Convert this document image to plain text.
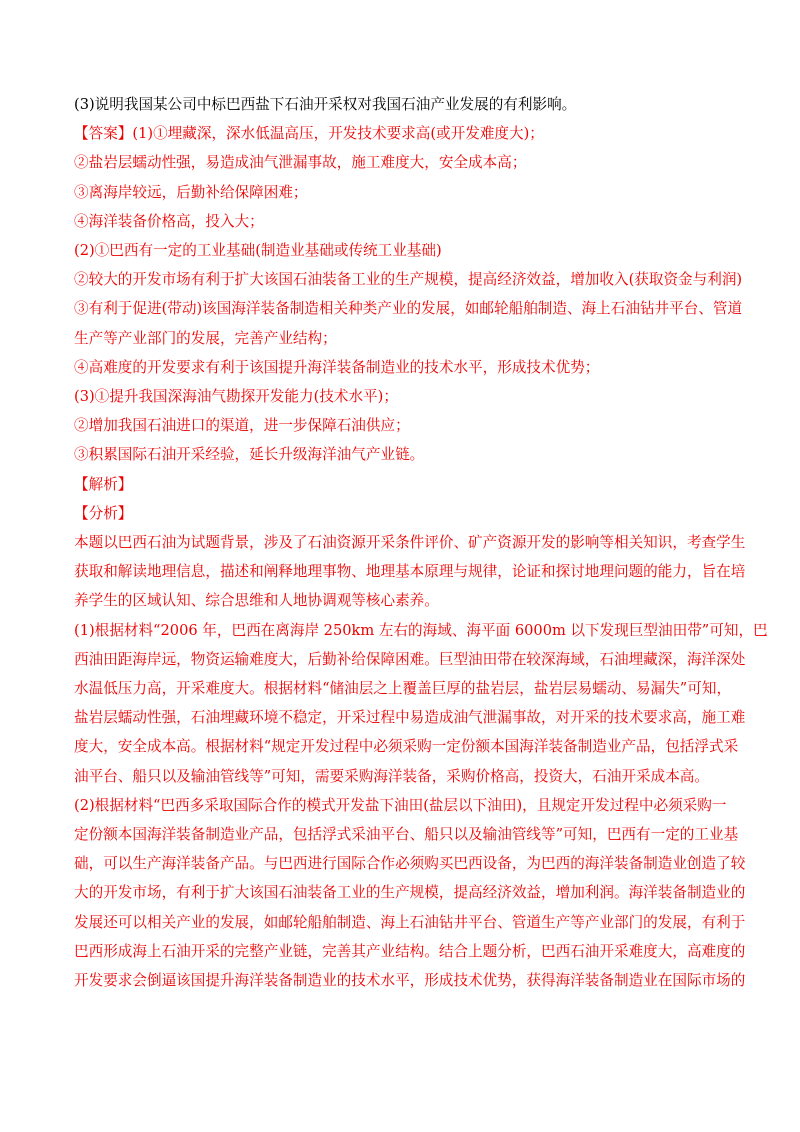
(3)说明我国某公司中标巴西盐下石油开采权对我国石油产业发展的有利影响。
【答案】(1)①埋藏深，深水低温高压，开发技术要求高(或开发难度大)；
②盐岩层蠕动性强，易造成油气泄漏事故，施工难度大，安全成本高；
③离海岸较远，后勤补给保障困难；
④海洋装备价格高，投入大；
(2)①巴西有一定的工业基础(制造业基础或传统工业基础)
②较大的开发市场有利于扩大该国石油装备工业的生产规模，提高经济效益，增加收入(获取资金与利润)
③有利于促进(带动)该国海洋装备制造相关种类产业的发展，如邮轮船舶制造、海上石油钻井平台、管道
生产等产业部门的发展，完善产业结构；
④高难度的开发要求有利于该国提升海洋装备制造业的技术水平，形成技术优势；
(3)①提升我国深海油气勘探开发能力(技术水平)；
②增加我国石油进口的渠道，进一步保障石油供应；
③积累国际石油开采经验，延长升级海洋油气产业链。
【解析】
【分析】
本题以巴西石油为试题背景，涉及了石油资源开采条件评价、矿产资源开发的影响等相关知识，考查学生
获取和解读地理信息，描述和阐释地理事物、地理基本原理与规律，论证和探讨地理问题的能力，旨在培
养学生的区域认知、综合思维和人地协调观等核心素养。
(1)根据材料“2006 年，巴西在离海岸 250km 左右的海域、海平面 6000m 以下发现巨型油田带”可知，巴
西油田距海岸远，物资运输难度大，后勤补给保障困难。巨型油田带在较深海域，石油埋藏深，海洋深处
水温低压力高，开采难度大。根据材料“储油层之上覆盖巨厚的盐岩层，盐岩层易蠕动、易漏失”可知，
盐岩层蠕动性强，石油埋藏环境不稳定，开采过程中易造成油气泄漏事故，对开采的技术要求高，施工难
度大，安全成本高。根据材料“规定开发过程中必须采购一定份额本国海洋装备制造业产品，包括浮式采
油平台、船只以及输油管线等”可知，需要采购海洋装备，采购价格高，投资大，石油开采成本高。
(2)根据材料“巴西多采取国际合作的模式开发盐下油田(盐层以下油田)，且规定开发过程中必须采购一
定份额本国海洋装备制造业产品，包括浮式采油平台、船只以及输油管线等”可知，巴西有一定的工业基
础，可以生产海洋装备产品。与巴西进行国际合作必须购买巴西设备，为巴西的海洋装备制造业创造了较
大的开发市场，有利于扩大该国石油装备工业的生产规模，提高经济效益，增加利润。海洋装备制造业的
发展还可以相关产业的发展，如邮轮船舶制造、海上石油钻井平台、管道生产等产业部门的发展，有利于
巴西形成海上石油开采的完整产业链，完善其产业结构。结合上题分析，巴西石油开采难度大，高难度的
开发要求会倒逼该国提升海洋装备制造业的技术水平，形成技术优势，获得海洋装备制造业在国际市场的
